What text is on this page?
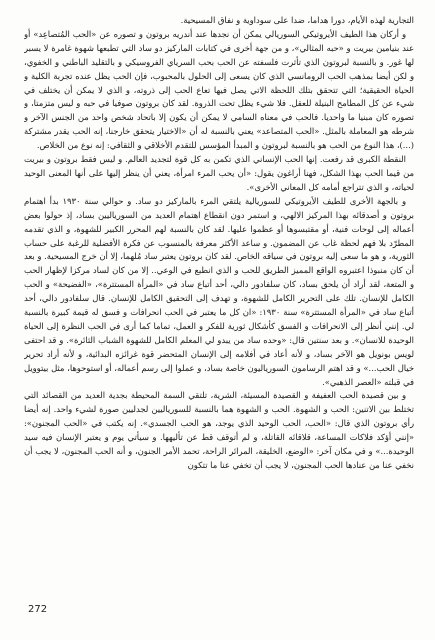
التجارية لهذه الأيام، دورا هداما، ضدا على سوداوية و نفاق المسيحية.

و أركان هذا الطيف الأيروتيكي السوريالي يمكن أن نجدها عند أندريه بروتون و تصوره عن «الحب المُتصاعِد» أو عند بنيامين بيريت و «حبه المثالي»، و من جهة أخرى في كتابات الماركيز دو ساد التي تطبعها شهوة غامرة لا يسبر لها غور. و بالنسبة لبروتون الذي تأثرت فلسفته عن الحب بحب السرياي الفروسيكي و بالتقليد الباطني و الخفوي، و لكن أيضا بمذهب الحب الرومانسي الذي كان يسعى إلى الحلول بالمحبوب، فإن الحب يظل عنده تجربة الكلية و الحياة الحقيقية؛ التي تتحقق بتلك اللحظة الاتي يصل فيها تعاع الحب إلى ذروته، و الذي لا يمكن أن يختلف في شيء عن كل المطامح البنيلة للعقل. فلا شيء يظل تحت الذروة. لقد كان بروتون صوفيا في حبه و ليس متزمتا، و تصوره كان مبنيا ما واحديا. فالحب في معناه السامي لا يمكن أن يكون إلا باتحاد شخص واحد من الجنس الآخر و شرطه هو المعاملة بالمثل. «الحب المتصاعد» يعني بالنسبة له أن «الاختيار يتحقق خارجنا، إنه الحب يقدر مشتركة (...)، هذا النوع من الحب هو بالنسبة لبروتون و المبدأ المؤسس للتقدم الأخلاقي و الثقافي: إنه نوع من الخلاص.

النقطة الكبرى قد رفعت. إنها الحب الإنساني الذي تكمن به كل قوة لتجديد العالم. و ليس فقط بروتون و بيريت من قيما الحب بهذا الشكل، فهنا أراغون يقول: «أن يحب المرء امرأة، يعني أن ينظر إليها على أنها المعنى الوحيد لحياته، و الذي تتراجع أمامه كل المعاني الأخرى».

و بالجهة الأخرى للطيف الأيروتيكي للسوريالية يلتقي المرء بالماركيز دو ساد. و حوالي سنة ١٩٣٠ بدأ اهتمام بروتون و أصدقائه بهذا المركيز الالهي، و استمر دون انقطاع اهتمام العديد من السورياليين بساد، إذ حولوا بعض أعماله إلى لوحات فنية، أو مقتبسوها أو عظموا عليها. لقد كان بالنسبة لهم المحرر الكبير للشهوة، و الذي تقدمه المطرّد بلا فهم لحظة غاب عن المضمون. و ساعد الأكثر معرفة بالمنسوب عن فكرة الأفضلية للرغبة على حساب الثورية، و هو ما سعى إليه بروتون في سياقه الخاص. لقد كان بروتون يعتبر ساد مُلهما، إلا أن خرج المسيحية. و بعد أن كان منبوذا اعتبروه الواقع المميز الطريق للحب و الذي انطبع في الوعي.. إلا من كان لساد مركزا لإظهار الحب و المتعة، لقد أراد أن يلحق بساد، كان سلفادور دالي، أحد أتباع ساد في «المرأة المستترة»، «الفضيحة» و الحب الكامل للإنسان. تلك على التحرير الكامل للشهوة، و تهدف إلى التحقيق الكامل للإنسان. قال سلفادور دالي، أحد أتباع ساد في «المرأة المستترة» سنة ١٩٣٠: «ان كل ما يعتبر في الحب انحرافات و فسق له قيمة كبيرة بالنسبة لي. إنني أنظر إلى الانحرافات و الفسق كأشكال ثورية للفكر و العمل، تماما كما أرى في الحب النظرة إلى الحياة الوحيدة للانسان». و بعد سنتين قال: «وحده ساد من يبدو لي المعلم الكامل للشهوة الشباب الثائرة». و قد احتفى لويس بونويل هو الآخر بساد، و لأنه أعاد في أفلامه إلى الإنسان المتحضر قوة غرائزه البدائية، و لأنه أراد تحرير خيال الحب...» و قد اهتم الرسامون السورياليون خاصة بساد، و عملوا إلى رسم أعماله، أو استوحوها، مثل بيتوويل في قبلته «العصر الذهبي».

و بين قصيدة الحب العفيفة و القصيدة المسيئة، الشرية، تلتقي السمة المحيطة بجدية العديد من القصائد التي تختلط بين الاتنين: الحب و الشهوة. الحب و الشهوة هما بالنسبة للسورياليين لجدليين صورة لشيء واحد. إنه أيضا رأي بروتون الذي قال: «الحب، الحب الوحيد الذي يوجد، هو الحب الجسدي». إنه يكتب في «الحب المجنون»: «إنني أؤكد فلاكات المساعة، قلاقائه القاتلة، و لم أتوقف قط عن تأليهها. و سيأتي يوم و يعتبر الإنسان فيه سيد الوحيدة...» و في مكان آخر: «الوضع، الخليقة، المرائر الراحة، تحمد الأمر الجنون، و أنه الحب المجنون، لا يجب أن نخفي عنا من عنادها الحب المجنون، لا يجب أن تخفي عنا ما تتكون

272
